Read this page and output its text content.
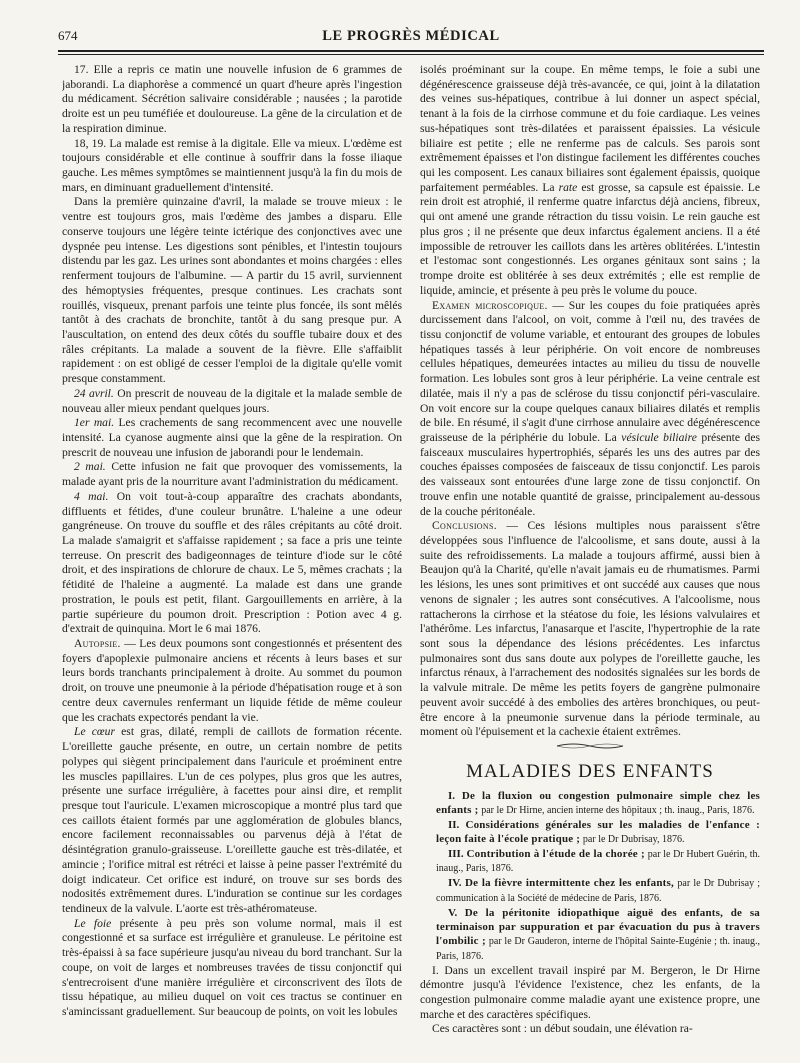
674	LE PROGRÈS MÉDICAL

17. Elle a repris ce matin une nouvelle infusion de 6 grammes de jaborandi. La diaphorèse a commencé un quart d'heure après l'ingestion du médicament. Sécrétion salivaire considérable ; nausées ; la parotide droite est un peu tuméfiée et douloureuse. La gêne de la circulation et de la respiration diminue.

18, 19. La malade est remise à la digitale. Elle va mieux. L'œdème est toujours considérable et elle continue à souffrir dans la fosse iliaque gauche. Les mêmes symptômes se maintiennent jusqu'à la fin du mois de mars, en diminuant graduellement d'intensité.

Dans la première quinzaine d'avril, la malade se trouve mieux : le ventre est toujours gros, mais l'œdème des jambes a disparu. Elle conserve toujours une légère teinte ictérique des conjonctives avec une dyspnée peu intense. Les digestions sont pénibles, et l'intestin toujours distendu par les gaz. Les urines sont abondantes et moins chargées : elles renferment toujours de l'albumine. — A partir du 15 avril, surviennent des hémoptysies fréquentes, presque continues. Les crachats sont rouillés, visqueux, prenant parfois une teinte plus foncée, ils sont mêlés tantôt à des crachats de bronchite, tantôt à du sang presque pur. A l'auscultation, on entend des deux côtés du souffle tubaire doux et des râles crépitants. La malade a souvent de la fièvre. Elle s'affaiblit rapidement : on est obligé de cesser l'emploi de la digitale qu'elle vomit presque constamment.

24 avril. On prescrit de nouveau de la digitale et la malade semble de nouveau aller mieux pendant quelques jours.

1er mai. Les crachements de sang recommencent avec une nouvelle intensité. La cyanose augmente ainsi que la gêne de la respiration. On prescrit de nouveau une infusion de jaborandi pour le lendemain.

2 mai. Cette infusion ne fait que provoquer des vomissements, la malade ayant pris de la nourriture avant l'administration du médicament.

4 mai. On voit tout-à-coup apparaître des crachats abondants, diffluents et fétides, d'une couleur brunâtre. L'haleine a une odeur gangréneuse. On trouve du souffle et des râles crépitants au côté droit. La malade s'amaigrit et s'affaisse rapidement ; sa face a pris une teinte terreuse. On prescrit des badigeonnages de teinture d'iode sur le côté droit, et des inspirations de chlorure de chaux. Le 5, mêmes crachats ; la fétidité de l'haleine a augmenté. La malade est dans une grande prostration, le pouls est petit, filant. Gargouillements en arrière, à la partie supérieure du poumon droit. Prescription : Potion avec 4 g. d'extrait de quinquina. Mort le 6 mai 1876.

Autopsie. — Les deux poumons sont congestionnés et présentent des foyers d'apoplexie pulmonaire anciens et récents à leurs bases et sur leurs bords tranchants principalement à droite. Au sommet du poumon droit, on trouve une pneumonie à la période d'hépatisation rouge et à son centre deux cavernules renfermant un liquide fétide de même couleur que les crachats expectorés pendant la vie.

Le cœur est gras, dilaté, rempli de caillots de formation récente. L'oreillette gauche présente, en outre, un certain nombre de petits polypes qui siègent principalement dans l'auricule et proéminent entre les muscles papillaires. L'un de ces polypes, plus gros que les autres, présente une surface irrégulière, à facettes pour ainsi dire, et remplit presque tout l'auricule. L'examen microscopique a montré plus tard que ces caillots étaient formés par une agglomération de globules blancs, encore facilement reconnaissables ou parvenus déjà à l'état de désintégration granulo-graisseuse. L'oreillette gauche est très-dilatée, et amincie ; l'orifice mitral est rétréci et laisse à peine passer l'extrémité du doigt indicateur. Cet orifice est induré, on trouve sur ses bords des nodosités extrêmement dures. L'induration se continue sur les cordages tendineux de la valvule. L'aorte est très-athéromateuse.

Le foie présente à peu près son volume normal, mais il est congestionné et sa surface est irrégulière et granuleuse. Le péritoine est très-épaissi à sa face supérieure jusqu'au niveau du bord tranchant. Sur la coupe, on voit de larges et nombreuses travées de tissu conjonctif qui s'entrecroisent d'une manière irrégulière et circonscrivent des îlots de tissu hépatique, au milieu duquel on voit ces tractus se continuer en s'amincissant graduellement. Sur beaucoup de points, on voit les lobules

isolés proéminant sur la coupe. En même temps, le foie a subi une dégénérescence graisseuse déjà très-avancée, ce qui, joint à la dilatation des veines sus-hépatiques, contribue à lui donner un aspect spécial, tenant à la fois de la cirrhose commune et du foie cardiaque. Les veines sus-hépatiques sont très-dilatées et paraissent épaissies. La vésicule biliaire est petite ; elle ne renferme pas de calculs. Ses parois sont extrêmement épaisses et l'on distingue facilement les différentes couches qui les composent. Les canaux biliaires sont également épaissis, quoique parfaitement perméables. La rate est grosse, sa capsule est épaissie. Le rein droit est atrophié, il renferme quatre infarctus déjà anciens, fibreux, qui ont amené une grande rétraction du tissu voisin. Le rein gauche est plus gros ; il ne présente que deux infarctus également anciens. Il a été impossible de retrouver les caillots dans les artères oblitérées. L'intestin et l'estomac sont congestionnés. Les organes génitaux sont sains ; la trompe droite est oblitérée à ses deux extrémités ; elle est remplie de liquide, amincie, et présente à peu près le volume du pouce.

Examen microscopique. — Sur les coupes du foie pratiquées après durcissement dans l'alcool, on voit, comme à l'œil nu, des travées de tissu conjonctif de volume variable, et entourant des groupes de lobules hépatiques tassés à leur périphérie. On voit encore de nombreuses cellules hépatiques, demeurées intactes au milieu du tissu de nouvelle formation. Les lobules sont gros à leur périphérie. La veine centrale est dilatée, mais il n'y a pas de sclérose du tissu conjonctif péri-vasculaire. On voit encore sur la coupe quelques canaux biliaires dilatés et remplis de bile. En résumé, il s'agit d'une cirrhose annulaire avec dégénérescence graisseuse de la périphérie du lobule. La vésicule biliaire présente des faisceaux musculaires hypertrophiés, séparés les uns des autres par des couches épaisses composées de faisceaux de tissu conjonctif. Les parois des vaisseaux sont entourées d'une large zone de tissu conjonctif. On trouve enfin une notable quantité de graisse, principalement au-dessous de la couche péritonéale.

Conclusions. — Ces lésions multiples nous paraissent s'être développées sous l'influence de l'alcoolisme, et sans doute, aussi à la suite des refroidissements. La malade a toujours affirmé, aussi bien à Beaujon qu'à la Charité, qu'elle n'avait jamais eu de rhumatismes. Parmi les lésions, les unes sont primitives et ont succédé aux causes que nous venons de signaler ; les autres sont consécutives. A l'alcoolisme, nous rattacherons la cirrhose et la stéatose du foie, les lésions valvulaires et l'athérôme. Les infarctus, l'anasarque et l'ascite, l'hypertrophie de la rate sont sous la dépendance des lésions précédentes. Les infarctus pulmonaires sont dus sans doute aux polypes de l'oreillette gauche, les infarctus rénaux, à l'arrachement des nodosités signalées sur les bords de la valvule mitrale. De même les petits foyers de gangrène pulmonaire peuvent avoir succédé à des embolies des artères bronchiques, ou peut-être encore à la pneumonie survenue dans la période terminale, au moment où l'épuisement et la cachexie étaient extrêmes.

MALADIES DES ENFANTS

I. De la fluxion ou congestion pulmonaire simple chez les enfants ; par le Dr Hirne, ancien interne des hôpitaux ; th. inaug., Paris, 1876.

II. Considérations générales sur les maladies de l'enfance : leçon faite à l'école pratique ; par le Dr Dubrisay, 1876.

III. Contribution à l'étude de la chorée ; par le Dr Hubert Guérin, th. inaug., Paris, 1876.

IV. De la fièvre intermittente chez les enfants, par le Dr Dubrisay ; communication à la Société de médecine de Paris, 1876.

V. De la péritonite idiopathique aiguë des enfants, de sa terminaison par suppuration et par évacuation du pus à travers l'ombilic ; par le Dr Gauderon, interne de l'hôpital Sainte-Eugénie ; th. inaug., Paris, 1876.

I. Dans un excellent travail inspiré par M. Bergeron, le Dr Hirne démontre jusqu'à l'évidence l'existence, chez les enfants, de la congestion pulmonaire comme maladie ayant une existence propre, une marche et des caractères spécifiques.

Ces caractères sont : un début soudain, une élévation ra-
